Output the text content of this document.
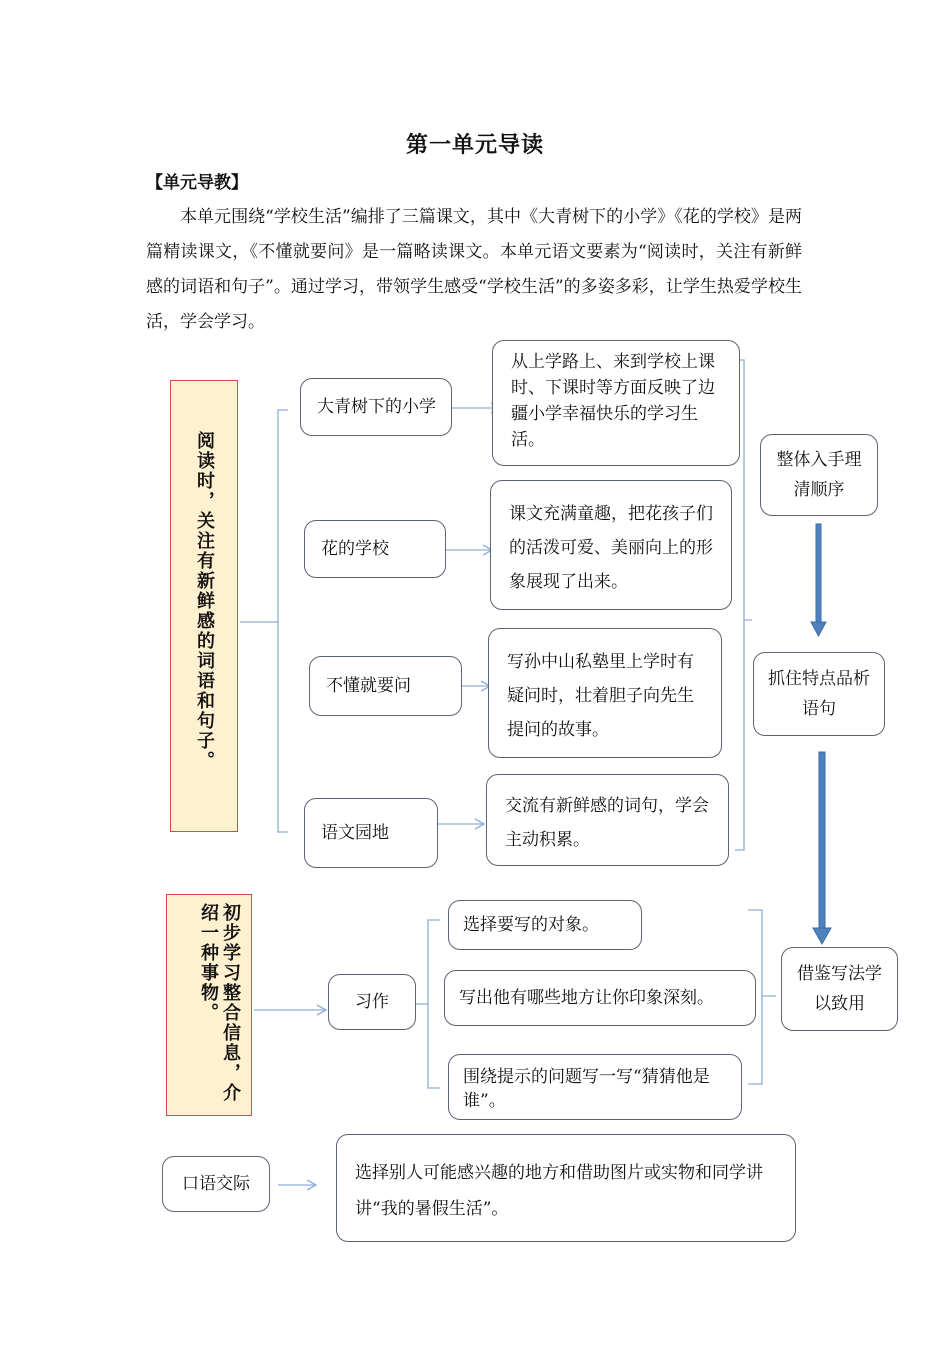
第一单元导读
【单元导教】
本单元围绕“学校生活”编排了三篇课文，其中《大青树下的小学》《花的学校》是两篇精读课文，《不懂就要问》是一篇略读课文。本单元语文要素为“阅读时，关注有新鲜感的词语和句子”。通过学习，带领学生感受“学校生活”的多姿多彩，让学生热爱学校生活，学会学习。
阅读时，关注有新鲜感的词语和句子。
大青树下的小学
花的学校
不懂就要问
语文园地
从上学路上、来到学校上课时、下课时等方面反映了边疆小学幸福快乐的学习生活。
课文充满童趣，把花孩子们的活泼可爱、美丽向上的形象展现了出来。
写孙中山私塾里上学时有疑问时，壮着胆子向先生提问的故事。
交流有新鲜感的词句，学会主动积累。
整体入手理清顺序
抓住特点品析语句
借鉴写法学以致用
初步学习整合信息，介绍一种事物。	习作
选择要写的对象。
写出他有哪些地方让你印象深刻。
围绕提示的问题写一写“猜猜他是谁”。
口语交际
选择别人可能感兴趣的地方和借助图片或实物和同学讲讲“我的暑假生活”。
